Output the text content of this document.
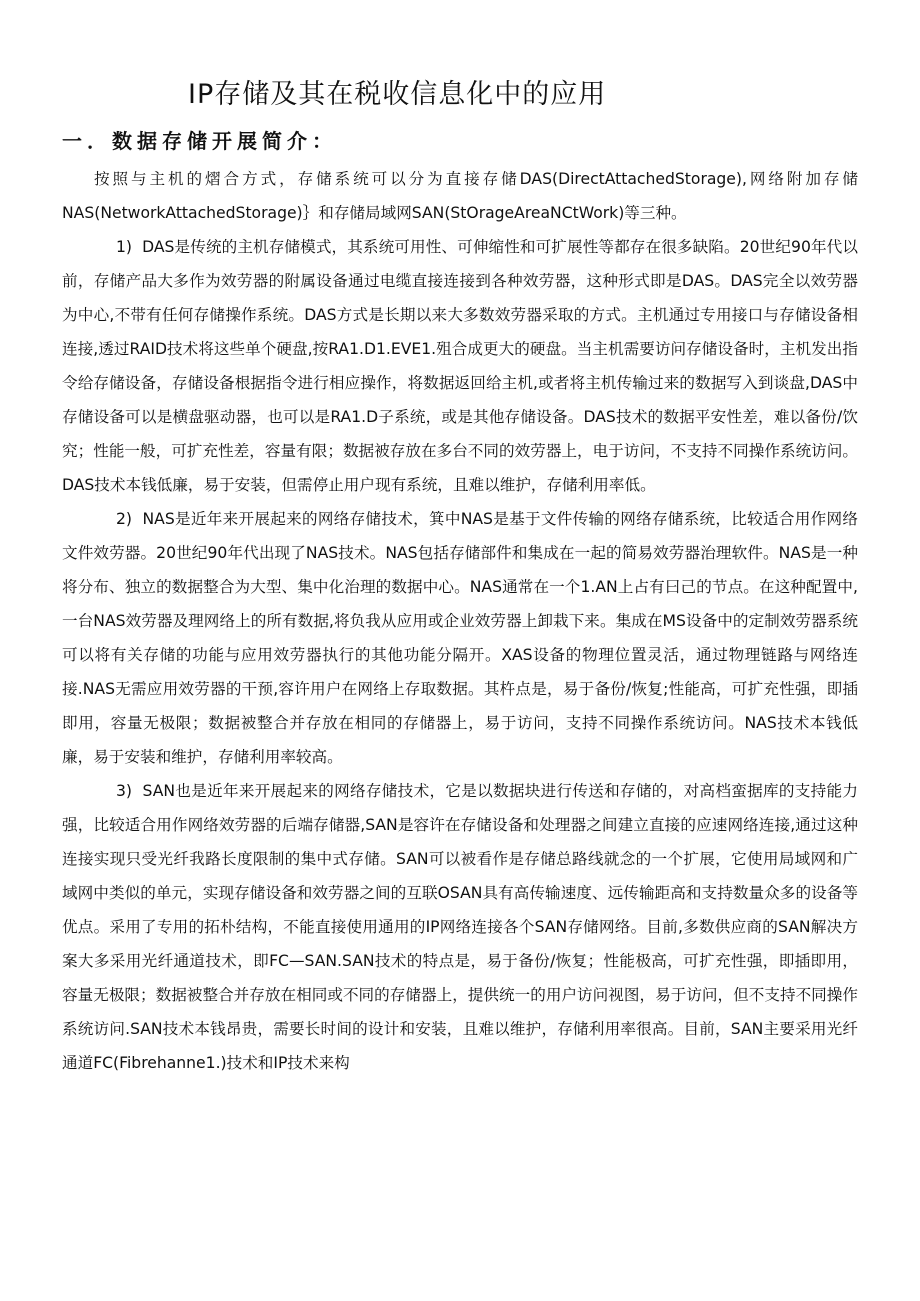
IP存储及其在税收信息化中的应用
一．数据存储开展简介：

按照与主机的熠合方式，存储系统可以分为直接存储DAS(DirectAttachedStorage),网络附加存储NAS(NetworkAttachedStorage)｝和存储局域网SAN(StOrageAreaNCtWork)等三种。

1) DAS是传统的主机存储模式，其系统可用性、可伸缩性和可扩展性等都存在很多缺陷。20世纪90年代以前，存储产品大多作为效劳器的附属设备通过电缆直接连接到各种效劳器，这种形式即是DAS。DAS完全以效劳器为中心,不带有任何存储操作系统。DAS方式是长期以来大多数效劳器采取的方式。主机通过专用接口与存储设备相连接,透过RAID技术将这些单个硬盘,按RA1.D1.EVE1.殂合成更大的硬盘。当主机需要访问存储设备时，主机发出指令给存储设备，存储设备根据指令进行相应操作，将数据返回给主机,或者将主机传输过来的数据写入到谈盘,DAS中存储设备可以是横盘驱动器，也可以是RA1.D子系统，或是其他存储设备。DAS技术的数据平安性差，难以备份/饮究；性能一般，可扩充性差，容量有限；数据被存放在多台不同的效劳器上，电于访问，不支持不同操作系统访问。DAS技术本钱低廉，易于安装，但需停止用户现有系统，且难以维护，存储利用率低。

2) NAS是近年来开展起来的网络存储技术，箕中NAS是基于文件传输的网络存储系统，比较适合用作网络文件效劳器。20世纪90年代出现了NAS技术。NAS包括存储部件和集成在一起的简易效劳器治理软件。NAS是一种将分布、独立的数据整合为大型、集中化治理的数据中心。NAS通常在一个1.AN上占有曰己的节点。在这种配置中,一台NAS效劳器及理网络上的所有数据,将负我从应用或企业效劳器上卸栽下来。集成在MS设备中的定制效劳器系统可以将有关存储的功能与应用效劳器执行的其他功能分隔开。XAS设备的物理位置灵活，通过物理链路与网络连接.NAS无需应用效劳器的干预,容许用户在网络上存取数据。其杵点是，易于备份/恢复;性能高，可扩充性强，即插即用，容量无极限；数据被整合并存放在相同的存储器上，易于访问，支持不同操作系统访问。NAS技术本钱低廉，易于安装和维护，存储利用率较高。

3) SAN也是近年来开展起来的网络存储技术，它是以数据块进行传送和存储的，对高档蛮据库的支持能力强，比较适合用作网络效劳器的后端存储器,SAN是容许在存储设备和处理器之间建立直接的应速网络连接,通过这种连接实现只受光纤我路长度限制的集中式存储。SAN可以被看作是存储总路线就念的一个扩展，它使用局域网和广域网中类似的单元，实现存储设备和效劳器之间的互联OSAN具有高传输速度、远传输距高和支持数量众多的设备等优点。采用了专用的拓朴结构，不能直接使用通用的IP网络连接各个SAN存储网络。目前,多数供应商的SAN解决方案大多采用光纤通道技术，即FC—SAN.SAN技术的特点是，易于备份/恢复；性能极高，可扩充性强，即插即用，容量无极限；数据被整合并存放在相同或不同的存储器上，提供统一的用户访问视图，易于访问，但不支持不同操作系统访问.SAN技术本钱昂贵，需要长时间的设计和安装，且难以维护，存储利用率很高。目前，SAN主要采用光纤通道FC(Fibrehanne1.)技术和IP技术来构
